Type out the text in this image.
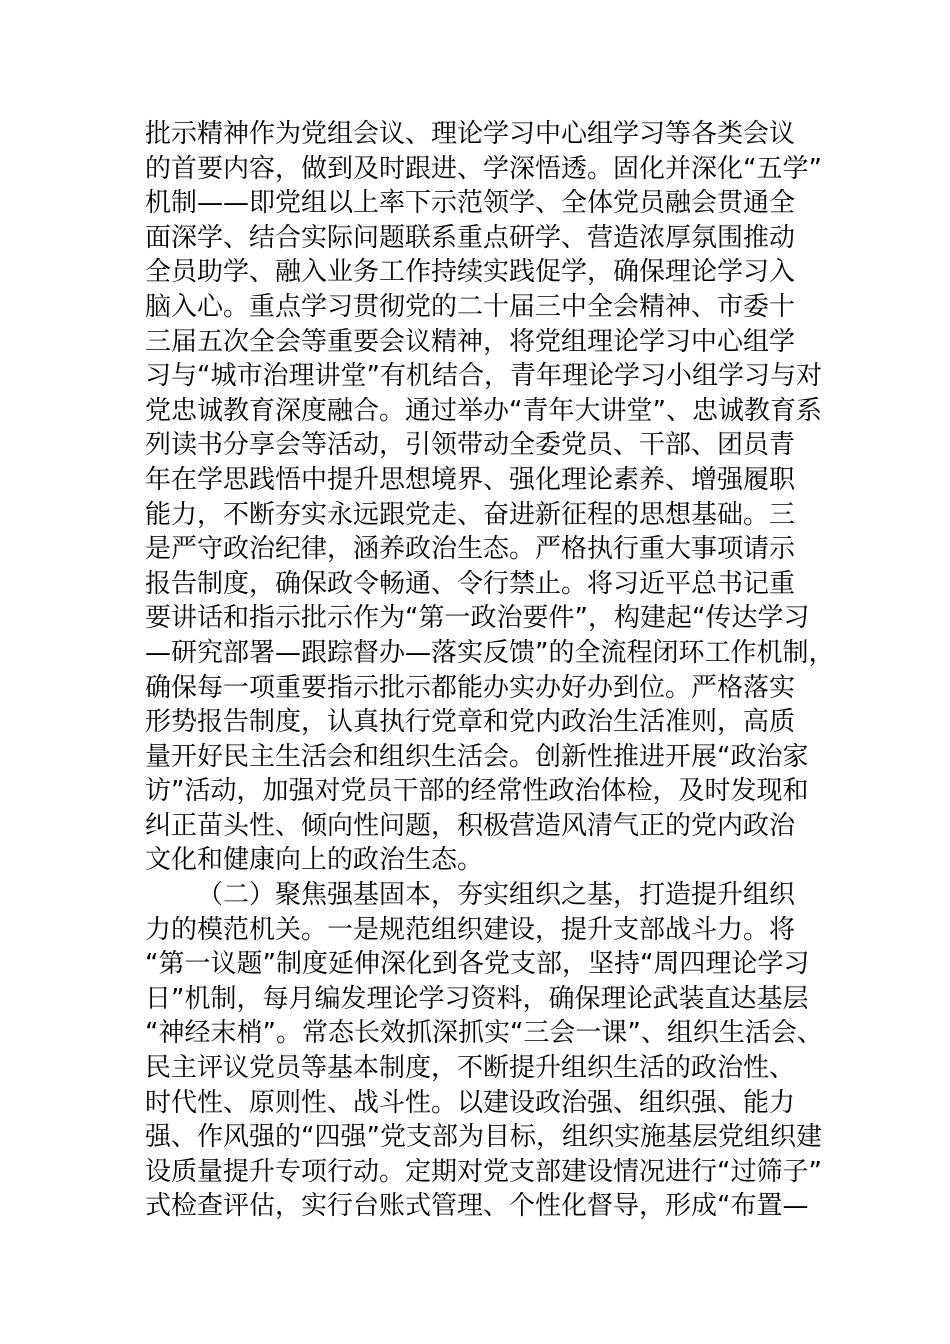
批示精神作为党组会议、理论学习中心组学习等各类会议
的首要内容，做到及时跟进、学深悟透。固化并深化“五学”
机制——即党组以上率下示范领学、全体党员融会贯通全
面深学、结合实际问题联系重点研学、营造浓厚氛围推动
全员助学、融入业务工作持续实践促学，确保理论学习入
脑入心。重点学习贯彻党的二十届三中全会精神、市委十
三届五次全会等重要会议精神，将党组理论学习中心组学
习与“城市治理讲堂”有机结合，青年理论学习小组学习与对
党忠诚教育深度融合。通过举办“青年大讲堂”、忠诚教育系
列读书分享会等活动，引领带动全委党员、干部、团员青
年在学思践悟中提升思想境界、强化理论素养、增强履职
能力，不断夯实永远跟党走、奋进新征程的思想基础。三
是严守政治纪律，涵养政治生态。严格执行重大事项请示
报告制度，确保政令畅通、令行禁止。将习近平总书记重
要讲话和指示批示作为“第一政治要件”，构建起“传达学习
—研究部署—跟踪督办—落实反馈”的全流程闭环工作机制，
确保每一项重要指示批示都能办实办好办到位。严格落实
形势报告制度，认真执行党章和党内政治生活准则，高质
量开好民主生活会和组织生活会。创新性推进开展“政治家
访”活动，加强对党员干部的经常性政治体检，及时发现和
纠正苗头性、倾向性问题，积极营造风清气正的党内政治
文化和健康向上的政治生态。
（二）聚焦强基固本，夯实组织之基，打造提升组织
力的模范机关。一是规范组织建设，提升支部战斗力。将
“第一议题”制度延伸深化到各党支部，坚持“周四理论学习
日”机制，每月编发理论学习资料，确保理论武装直达基层
“神经末梢”。常态长效抓深抓实“三会一课”、组织生活会、
民主评议党员等基本制度，不断提升组织生活的政治性、
时代性、原则性、战斗性。以建设政治强、组织强、能力
强、作风强的“四强”党支部为目标，组织实施基层党组织建
设质量提升专项行动。定期对党支部建设情况进行“过筛子”
式检查评估，实行台账式管理、个性化督导，形成“布置—
